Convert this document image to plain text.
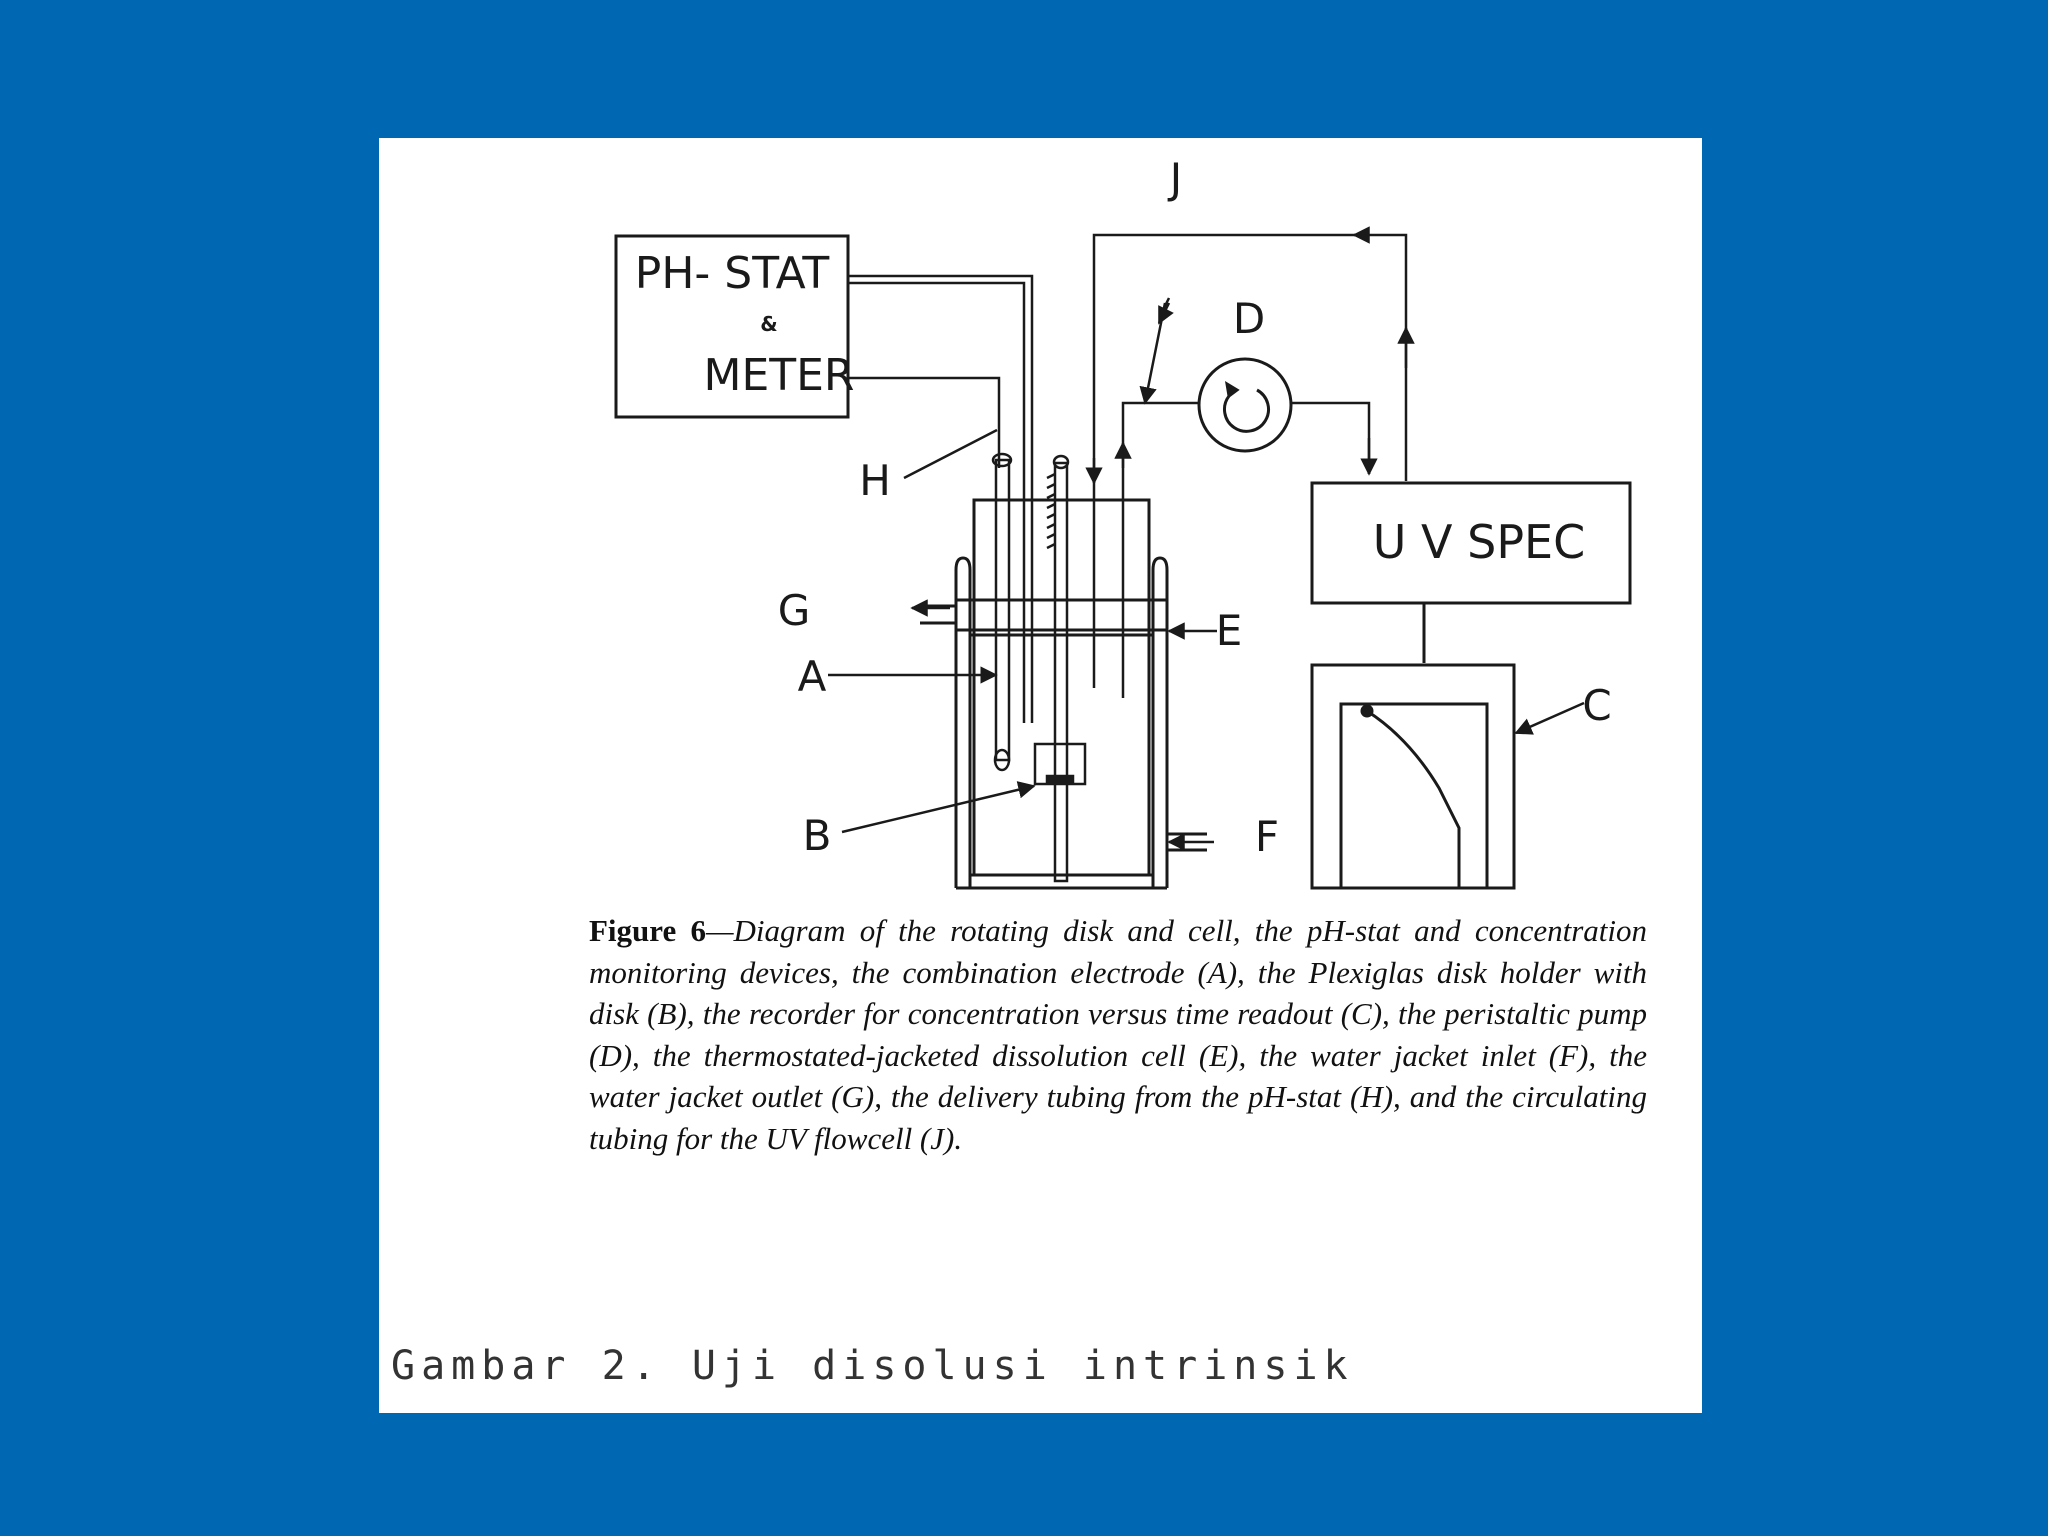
PH- STAT
&
METER
U V SPEC
J
D
H
G	E
A
B	F
C
Figure 6—Diagram of the rotating disk and cell, the pH-stat and concentration monitoring devices, the combination electrode (A), the Plexiglas disk holder with disk (B), the recorder for concentration versus time readout (C), the peristaltic pump (D), the thermostated-jacketed dissolution cell (E), the water jacket inlet (F), the water jacket outlet (G), the delivery tubing from the pH-stat (H), and the circulating tubing for the UV flowcell (J).
Gambar 2. Uji disolusi intrinsik
